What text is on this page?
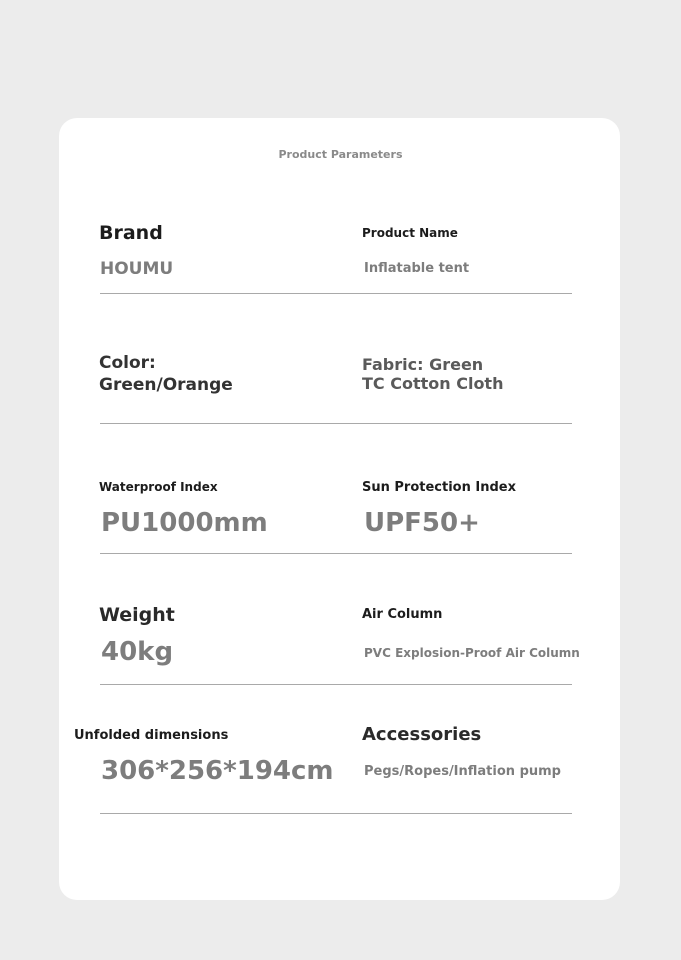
Product Parameters
Brand
HOUMU
Product Name
Inflatable tent
Color:
Green/Orange
Fabric: Green
TC Cotton Cloth
Waterproof Index
PU1000mm
Sun Protection Index
UPF50+
Weight
40kg
Air Column
PVC Explosion-Proof Air Column
Unfolded dimensions
306*256*194cm
Accessories
Pegs/Ropes/Inflation pump
